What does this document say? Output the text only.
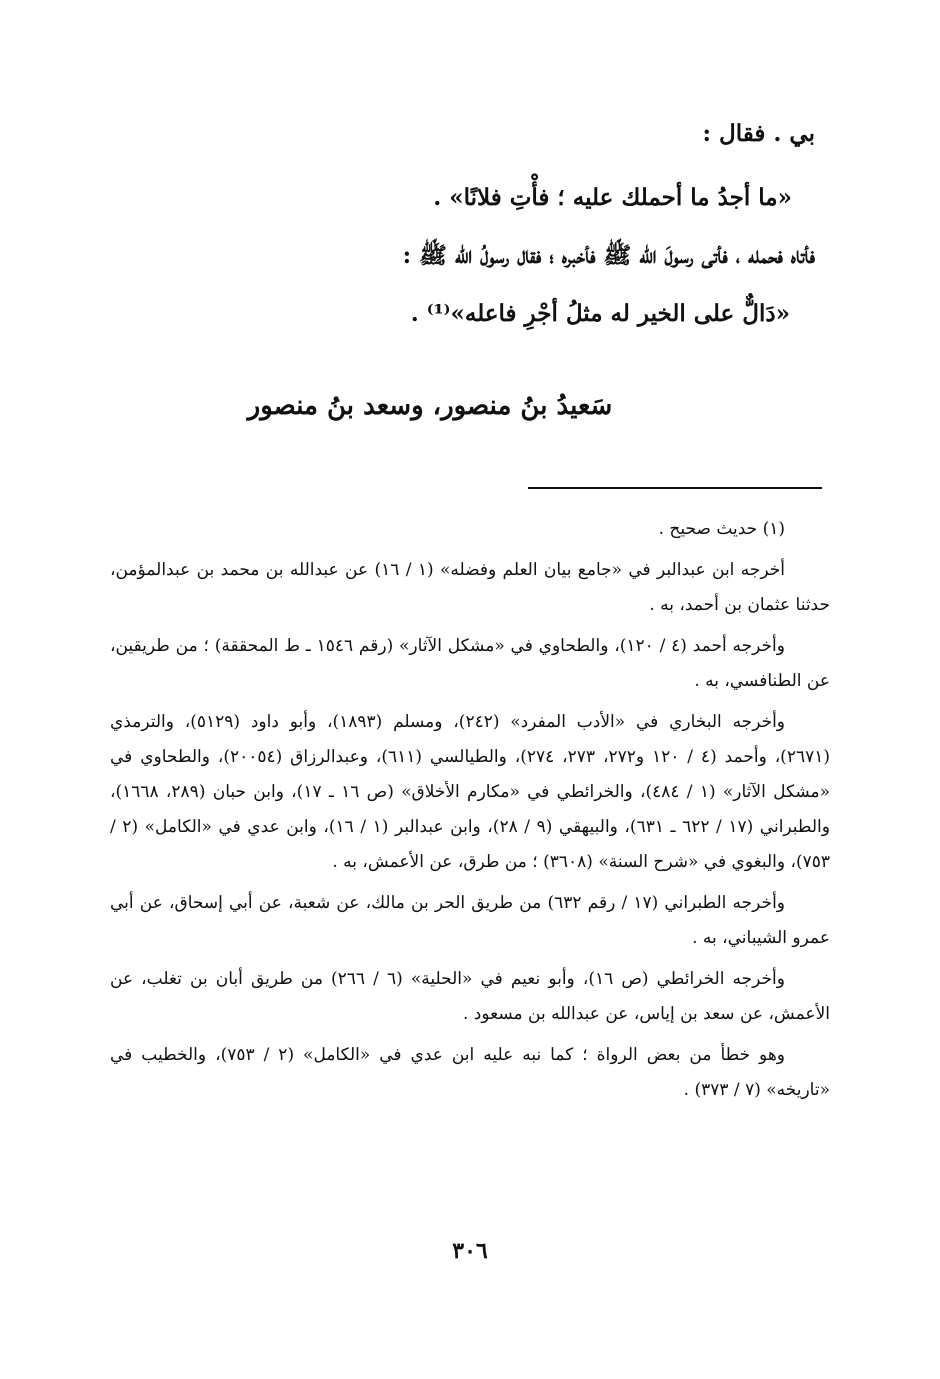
بي . فقال :
«ما أجدُ ما أحملك عليه ؛ فأْتِ فلانًا» .
فأتاه فحمله ، فأتى رسولَ الله ﷺ فأخبره ؛ فقال رسولُ الله ﷺ :
«دَالٌّ على الخير له مثلُ أجْرِ فاعله»⁽¹⁾ .
سَعيدُ بنُ منصور، وسعد بنُ منصور
(١) حديث صحيح .
أخرجه ابن عبدالبر في «جامع بيان العلم وفضله» (١ / ١٦) عن عبدالله بن محمد بن عبدالمؤمن، حدثنا عثمان بن أحمد، به .
وأخرجه أحمد (٤ / ١٢٠)، والطحاوي في «مشكل الآثار» (رقم ١٥٤٦ ـ ط المحققة) ؛ من طريقين، عن الطنافسي، به .
وأخرجه البخاري في «الأدب المفرد» (٢٤٢)، ومسلم (١٨٩٣)، وأبو داود (٥١٢٩)، والترمذي (٢٦٧١)، وأحمد (٤ / ١٢٠ و٢٧٢، ٢٧٣، ٢٧٤)، والطيالسي (٦١١)، وعبدالرزاق (٢٠٠٥٤)، والطحاوي في «مشكل الآثار» (١ / ٤٨٤)، والخرائطي في «مكارم الأخلاق» (ص ١٦ ـ ١٧)، وابن حبان (٢٨٩، ١٦٦٨)، والطبراني (١٧ / ٦٢٢ ـ ٦٣١)، والبيهقي (٩ / ٢٨)، وابن عبدالبر (١ / ١٦)، وابن عدي في «الكامل» (٢ / ٧٥٣)، والبغوي في «شرح السنة» (٣٦٠٨) ؛ من طرق، عن الأعمش، به .
وأخرجه الطبراني (١٧ / رقم ٦٣٢) من طريق الحر بن مالك، عن شعبة، عن أبي إسحاق، عن أبي عمرو الشيباني، به .
وأخرجه الخرائطي (ص ١٦)، وأبو نعيم في «الحلية» (٦ / ٢٦٦) من طريق أبان بن تغلب، عن الأعمش، عن سعد بن إياس، عن عبدالله بن مسعود .
وهو خطأ من بعض الرواة ؛ كما نبه عليه ابن عدي في «الكامل» (٢ / ٧٥٣)، والخطيب في «تاريخه» (٧ / ٣٧٣) .
٣٠٦
